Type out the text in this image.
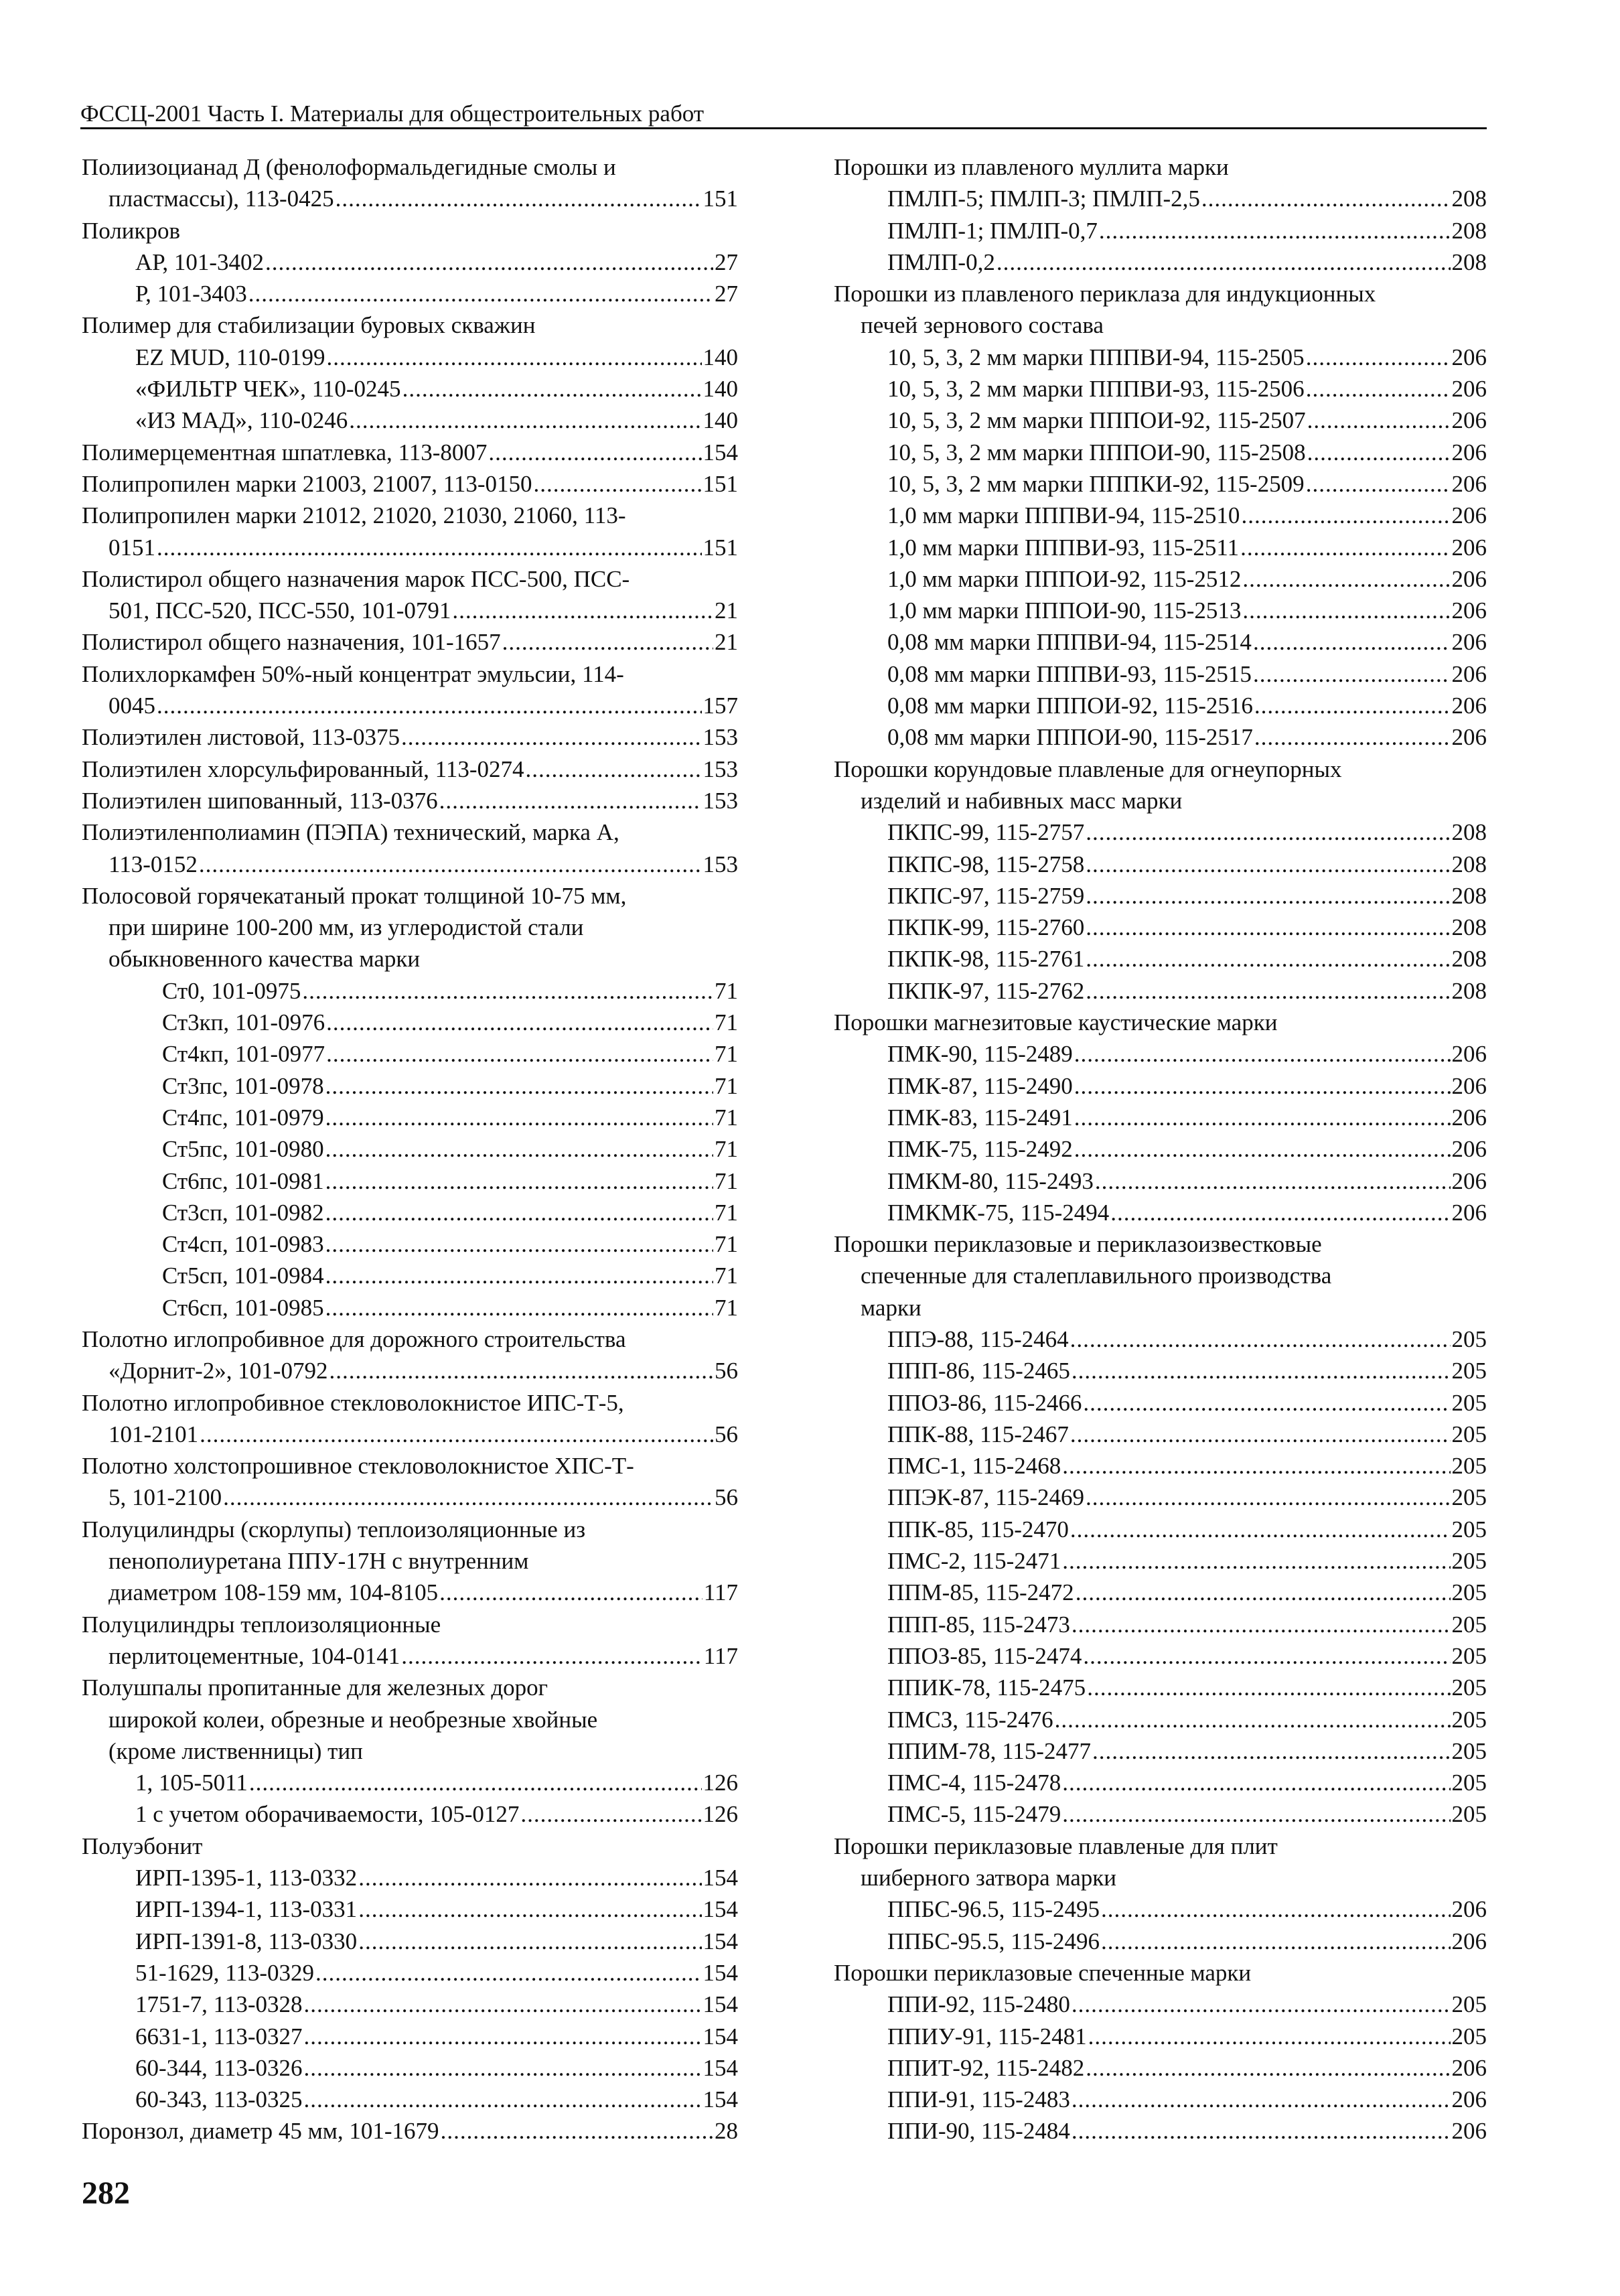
ФССЦ-2001 Часть I. Материалы для общестроительных работ
Полиизоцианад Д (фенолоформальдегидные смолы и
пластмассы), 113-0425 .....	151
Поликров
АР, 101-3402 .....	27
Р, 101-3403 .....	27
Полимер для стабилизации буровых скважин
EZ MUD, 110-0199 .....	140
«ФИЛЬТР ЧЕК», 110-0245 .....	140
«ИЗ МАД», 110-0246 .....	140
Полимерцементная шпатлевка, 113-8007 .....	154
Полипропилен марки 21003, 21007, 113-0150 .....	151
Полипропилен марки 21012, 21020, 21030, 21060, 113-
0151 .....	151
Полистирол общего назначения марок ПСС-500, ПСС-
501, ПСС-520, ПСС-550, 101-0791 .....	21
Полистирол общего назначения, 101-1657 .....	21
Полихлоркамфен 50%-ный концентрат эмульсии, 114-
0045 .....	157
Полиэтилен листовой, 113-0375 .....	153
Полиэтилен хлорсульфированный, 113-0274 .....	153
Полиэтилен шипованный, 113-0376 .....	153
Полиэтиленполиамин (ПЭПА) технический, марка А,
113-0152 .....	153
Полосовой горячекатаный прокат толщиной 10-75 мм,
при ширине 100-200 мм, из углеродистой стали
обыкновенного качества марки
Ст0, 101-0975 .....	71
Ст3кп, 101-0976 .....	71
Ст4кп, 101-0977 .....	71
Ст3пс, 101-0978 .....	71
Ст4пс, 101-0979 .....	71
Ст5пс, 101-0980 .....	71
Ст6пс, 101-0981 .....	71
Ст3сп, 101-0982 .....	71
Ст4сп, 101-0983 .....	71
Ст5сп, 101-0984 .....	71
Ст6сп, 101-0985 .....	71
Полотно иглопробивное для дорожного строительства
«Дорнит-2», 101-0792 .....	56
Полотно иглопробивное стекловолокнистое ИПС-Т-5,
101-2101 .....	56
Полотно холстопрошивное стекловолокнистое ХПС-Т-
5, 101-2100 .....	56
Полуцилиндры (скорлупы) теплоизоляционные из
пенополиуретана ППУ-17Н с внутренним
диаметром 108-159 мм, 104-8105 .....	117
Полуцилиндры теплоизоляционные
перлитоцементные, 104-0141 .....	117
Полушпалы пропитанные для железных дорог
широкой колеи, обрезные и необрезные хвойные
(кроме лиственницы) тип
1, 105-5011 .....	126
1 с учетом оборачиваемости, 105-0127 .....	126
Полуэбонит
ИРП-1395-1, 113-0332 .....	154
ИРП-1394-1, 113-0331 .....	154
ИРП-1391-8, 113-0330 .....	154
51-1629, 113-0329 .....	154
1751-7, 113-0328 .....	154
6631-1, 113-0327 .....	154
60-344, 113-0326 .....	154
60-343, 113-0325 .....	154
Поронзол, диаметр 45 мм, 101-1679 .....	28
Порошки из плавленого муллита марки
ПМЛП-5; ПМЛП-3; ПМЛП-2,5 .....	208
ПМЛП-1; ПМЛП-0,7 .....	208
ПМЛП-0,2 .....	208
Порошки из плавленого периклаза для индукционных
печей зернового состава
10, 5, 3, 2 мм марки ПППВИ-94, 115-2505 .....	206
10, 5, 3, 2 мм марки ПППВИ-93, 115-2506 .....	206
10, 5, 3, 2 мм марки ПППОИ-92, 115-2507 .....	206
10, 5, 3, 2 мм марки ПППОИ-90, 115-2508 .....	206
10, 5, 3, 2 мм марки ПППКИ-92, 115-2509 .....	206
1,0 мм марки ПППВИ-94, 115-2510 .....	206
1,0 мм марки ПППВИ-93, 115-2511 .....	206
1,0 мм марки ПППОИ-92, 115-2512 .....	206
1,0 мм марки ПППОИ-90, 115-2513 .....	206
0,08 мм марки ПППВИ-94, 115-2514 .....	206
0,08 мм марки ПППВИ-93, 115-2515 .....	206
0,08 мм марки ПППОИ-92, 115-2516 .....	206
0,08 мм марки ПППОИ-90, 115-2517 .....	206
Порошки корундовые плавленые для огнеупорных
изделий и набивных масс марки
ПКПС-99, 115-2757 .....	208
ПКПС-98, 115-2758 .....	208
ПКПС-97, 115-2759 .....	208
ПКПК-99, 115-2760 .....	208
ПКПК-98, 115-2761 .....	208
ПКПК-97, 115-2762 .....	208
Порошки магнезитовые каустические марки
ПМК-90, 115-2489 .....	206
ПМК-87, 115-2490 .....	206
ПМК-83, 115-2491 .....	206
ПМК-75, 115-2492 .....	206
ПМКМ-80, 115-2493 .....	206
ПМКМК-75, 115-2494 .....	206
Порошки периклазовые и периклазоизвестковые
спеченные для сталеплавильного производства
марки
ППЭ-88, 115-2464 .....	205
ППП-86, 115-2465 .....	205
ППОЗ-86, 115-2466 .....	205
ППК-88, 115-2467 .....	205
ПМС-1, 115-2468 .....	205
ППЭК-87, 115-2469 .....	205
ППК-85, 115-2470 .....	205
ПМС-2, 115-2471 .....	205
ППМ-85, 115-2472 .....	205
ППП-85, 115-2473 .....	205
ППОЗ-85, 115-2474 .....	205
ППИК-78, 115-2475 .....	205
ПМСЗ, 115-2476 .....	205
ППИМ-78, 115-2477 .....	205
ПМС-4, 115-2478 .....	205
ПМС-5, 115-2479 .....	205
Порошки периклазовые плавленые для плит
шиберного затвора марки
ППБС-96.5, 115-2495 .....	206
ППБС-95.5, 115-2496 .....	206
Порошки периклазовые спеченные марки
ППИ-92, 115-2480 .....	205
ППИУ-91, 115-2481 .....	205
ППИТ-92, 115-2482 .....	206
ППИ-91, 115-2483 .....	206
ППИ-90, 115-2484 .....	206
282
